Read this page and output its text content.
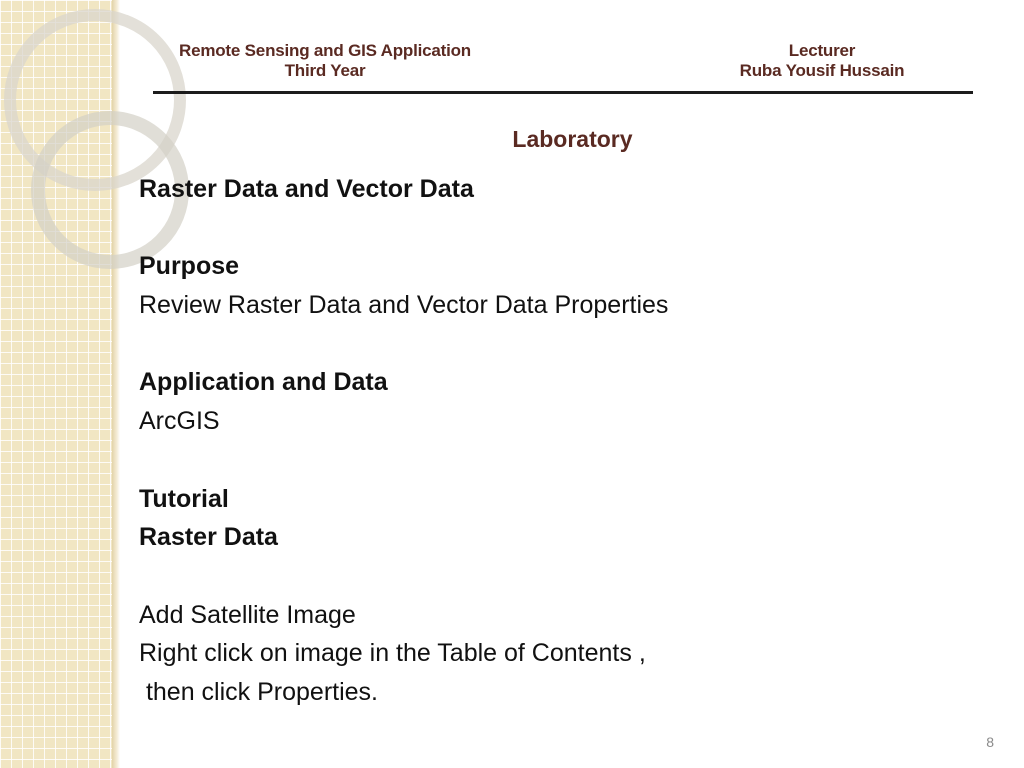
Remote Sensing and GIS Application
Third Year
Lecturer
Ruba Yousif Hussain
Laboratory
Raster Data and Vector Data
Purpose
Review Raster Data and Vector Data Properties
Application and Data
ArcGIS
Tutorial
Raster Data
Add Satellite Image
Right click on image in the Table of Contents ,
then click Properties.
8
